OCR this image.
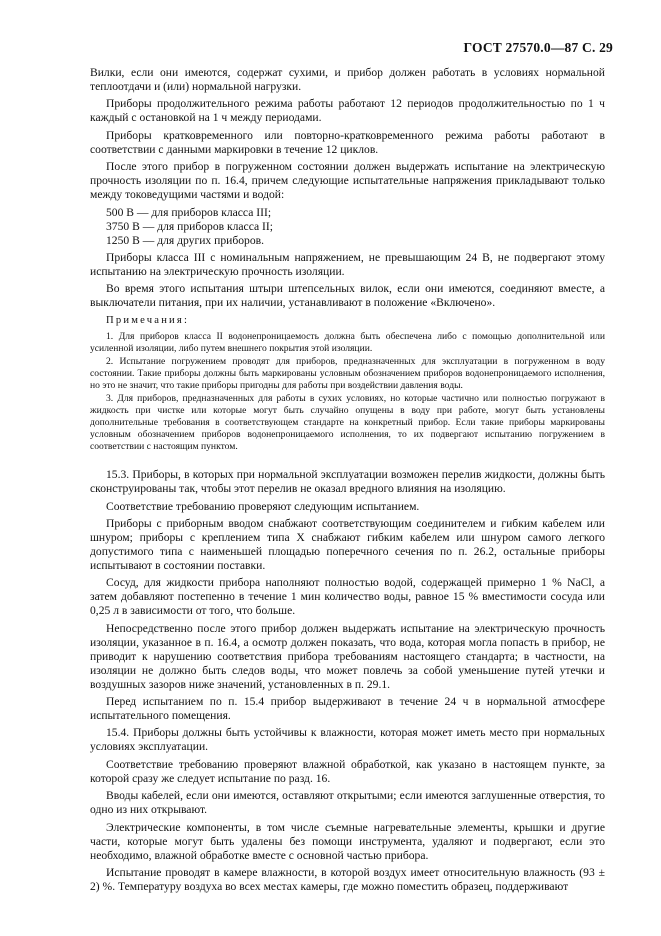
ГОСТ 27570.0—87 С. 29

Вилки, если они имеются, содержат сухими, и прибор должен работать в условиях нормальной теплоотдачи и (или) нормальной нагрузки.

Приборы продолжительного режима работы работают 12 периодов продолжительностью по 1 ч каждый с остановкой на 1 ч между периодами.

Приборы кратковременного или повторно-кратковременного режима работы работают в соответствии с данными маркировки в течение 12 циклов.

После этого прибор в погруженном состоянии должен выдержать испытание на электрическую прочность изоляции по п. 16.4, причем следующие испытательные напряжения прикладывают только между токоведущими частями и водой:

500 В — для приборов класса III;

3750 В — для приборов класса II;

1250 В — для других приборов.

Приборы класса III с номинальным напряжением, не превышающим 24 В, не подвергают этому испытанию на электрическую прочность изоляции.

Во время этого испытания штыри штепсельных вилок, если они имеются, соединяют вместе, а выключатели питания, при их наличии, устанавливают в положение «Включено».

Примечания:

1. Для приборов класса II водонепроницаемость должна быть обеспечена либо с помощью дополнительной или усиленной изоляции, либо путем внешнего покрытия этой изоляции.

2. Испытание погружением проводят для приборов, предназначенных для эксплуатации в погруженном в воду состоянии. Такие приборы должны быть маркированы условным обозначением приборов водонепроницаемого исполнения, но это не значит, что такие приборы пригодны для работы при воздействии давления воды.

3. Для приборов, предназначенных для работы в сухих условиях, но которые частично или полностью погружают в жидкость при чистке или которые могут быть случайно опущены в воду при работе, могут быть установлены дополнительные требования в соответствующем стандарте на конкретный прибор. Если такие приборы маркированы условным обозначением приборов водонепроницаемого исполнения, то их подвергают испытанию погружением в соответствии с настоящим пунктом.

15.3. Приборы, в которых при нормальной эксплуатации возможен перелив жидкости, должны быть сконструированы так, чтобы этот перелив не оказал вредного влияния на изоляцию.

Соответствие требованию проверяют следующим испытанием.

Приборы с приборным вводом снабжают соответствующим соединителем и гибким кабелем или шнуром; приборы с креплением типа X снабжают гибким кабелем или шнуром самого легкого допустимого типа с наименьшей площадью поперечного сечения по п. 26.2, остальные приборы испытывают в состоянии поставки.

Сосуд, для жидкости прибора наполняют полностью водой, содержащей примерно 1 % NaCl, а затем добавляют постепенно в течение 1 мин количество воды, равное 15 % вместимости сосуда или 0,25 л в зависимости от того, что больше.

Непосредственно после этого прибор должен выдержать испытание на электрическую прочность изоляции, указанное в п. 16.4, а осмотр должен показать, что вода, которая могла попасть в прибор, не приводит к нарушению соответствия прибора требованиям настоящего стандарта; в частности, на изоляции не должно быть следов воды, что может повлечь за собой уменьшение путей утечки и воздушных зазоров ниже значений, установленных в п. 29.1.

Перед испытанием по п. 15.4 прибор выдерживают в течение 24 ч в нормальной атмосфере испытательного помещения.

15.4. Приборы должны быть устойчивы к влажности, которая может иметь место при нормальных условиях эксплуатации.

Соответствие требованию проверяют влажной обработкой, как указано в настоящем пункте, за которой сразу же следует испытание по разд. 16.

Вводы кабелей, если они имеются, оставляют открытыми; если имеются заглушенные отверстия, то одно из них открывают.

Электрические компоненты, в том числе съемные нагревательные элементы, крышки и другие части, которые могут быть удалены без помощи инструмента, удаляют и подвергают, если это необходимо, влажной обработке вместе с основной частью прибора.

Испытание проводят в камере влажности, в которой воздух имеет относительную влажность (93 ± 2) %. Температуру воздуха во всех местах камеры, где можно поместить образец, поддерживают
